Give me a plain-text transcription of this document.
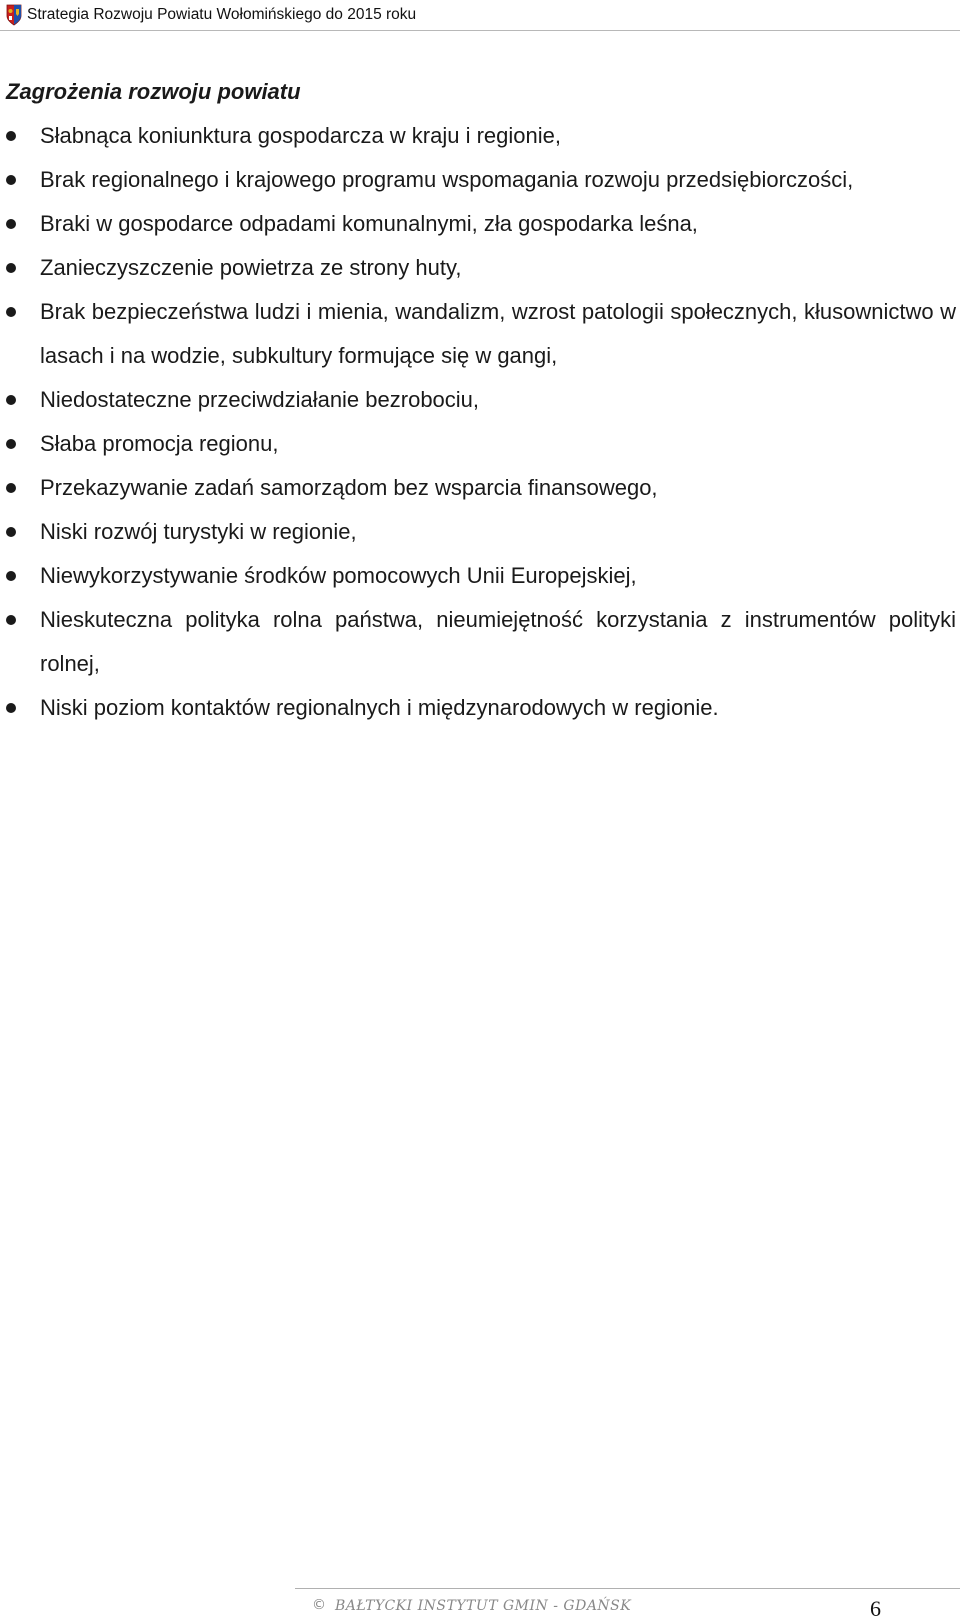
Strategia Rozwoju Powiatu Wołomińskiego do 2015 roku
Zagrożenia rozwoju powiatu
Słabnąca koniunktura gospodarcza w kraju i regionie,
Brak regionalnego i krajowego programu wspomagania rozwoju przedsiębiorczości,
Braki w gospodarce odpadami komunalnymi, zła gospodarka leśna,
Zanieczyszczenie powietrza ze strony huty,
Brak bezpieczeństwa ludzi i mienia, wandalizm, wzrost patologii społecznych, kłusownictwo w lasach i na wodzie, subkultury formujące się w gangi,
Niedostateczne przeciwdziałanie bezrobociu,
Słaba promocja regionu,
Przekazywanie zadań samorządom bez wsparcia finansowego,
Niski rozwój turystyki w regionie,
Niewykorzystywanie środków pomocowych Unii Europejskiej,
Nieskuteczna polityka rolna państwa, nieumiejętność korzystania z instrumentów polityki rolnej,
Niski poziom kontaktów regionalnych i międzynarodowych w regionie.
© BAŁTYCKI INSTYTUT GMIN - GDAŃSK	6
